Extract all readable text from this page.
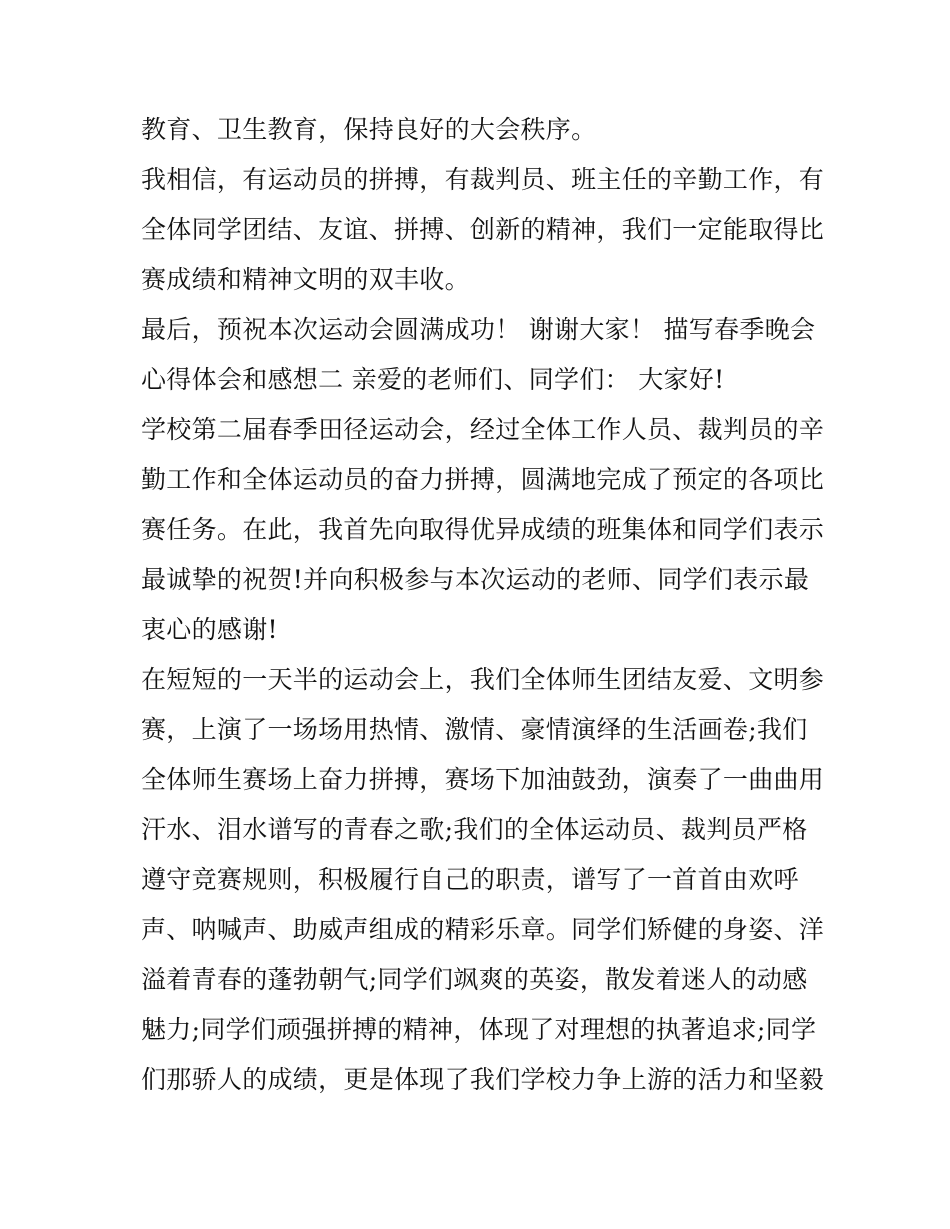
教育、卫生教育，保持良好的大会秩序。
我相信，有运动员的拼搏，有裁判员、班主任的辛勤工作，有
全体同学团结、友谊、拼搏、创新的精神，我们一定能取得比
赛成绩和精神文明的双丰收。
最后，预祝本次运动会圆满成功！ 谢谢大家！ 描写春季晚会
心得体会和感想二 亲爱的老师们、同学们： 大家好!
学校第二届春季田径运动会，经过全体工作人员、裁判员的辛
勤工作和全体运动员的奋力拼搏，圆满地完成了预定的各项比
赛任务。在此，我首先向取得优异成绩的班集体和同学们表示
最诚挚的祝贺!并向积极参与本次运动的老师、同学们表示最
衷心的感谢!
在短短的一天半的运动会上，我们全体师生团结友爱、文明参
赛，上演了一场场用热情、激情、豪情演绎的生活画卷;我们
全体师生赛场上奋力拼搏，赛场下加油鼓劲，演奏了一曲曲用
汗水、泪水谱写的青春之歌;我们的全体运动员、裁判员严格
遵守竞赛规则，积极履行自己的职责，谱写了一首首由欢呼
声、呐喊声、助威声组成的精彩乐章。同学们矫健的身姿、洋
溢着青春的蓬勃朝气;同学们飒爽的英姿，散发着迷人的动感
魅力;同学们顽强拼搏的精神，体现了对理想的执著追求;同学
们那骄人的成绩，更是体现了我们学校力争上游的活力和坚毅
